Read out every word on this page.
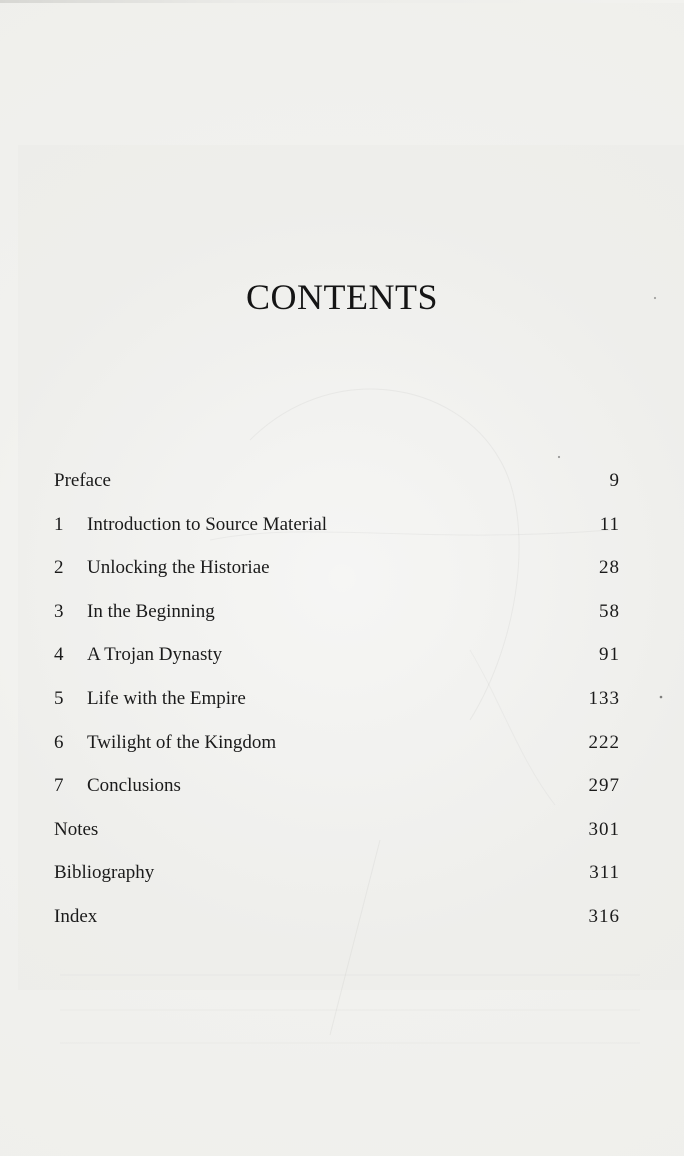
CONTENTS
Preface	9
1	Introduction to Source Material	11
2	Unlocking the Historiae	28
3	In the Beginning	58
4	A Trojan Dynasty	91
5	Life with the Empire	133
6	Twilight of the Kingdom	222
7	Conclusions	297
Notes	301
Bibliography	311
Index	316
